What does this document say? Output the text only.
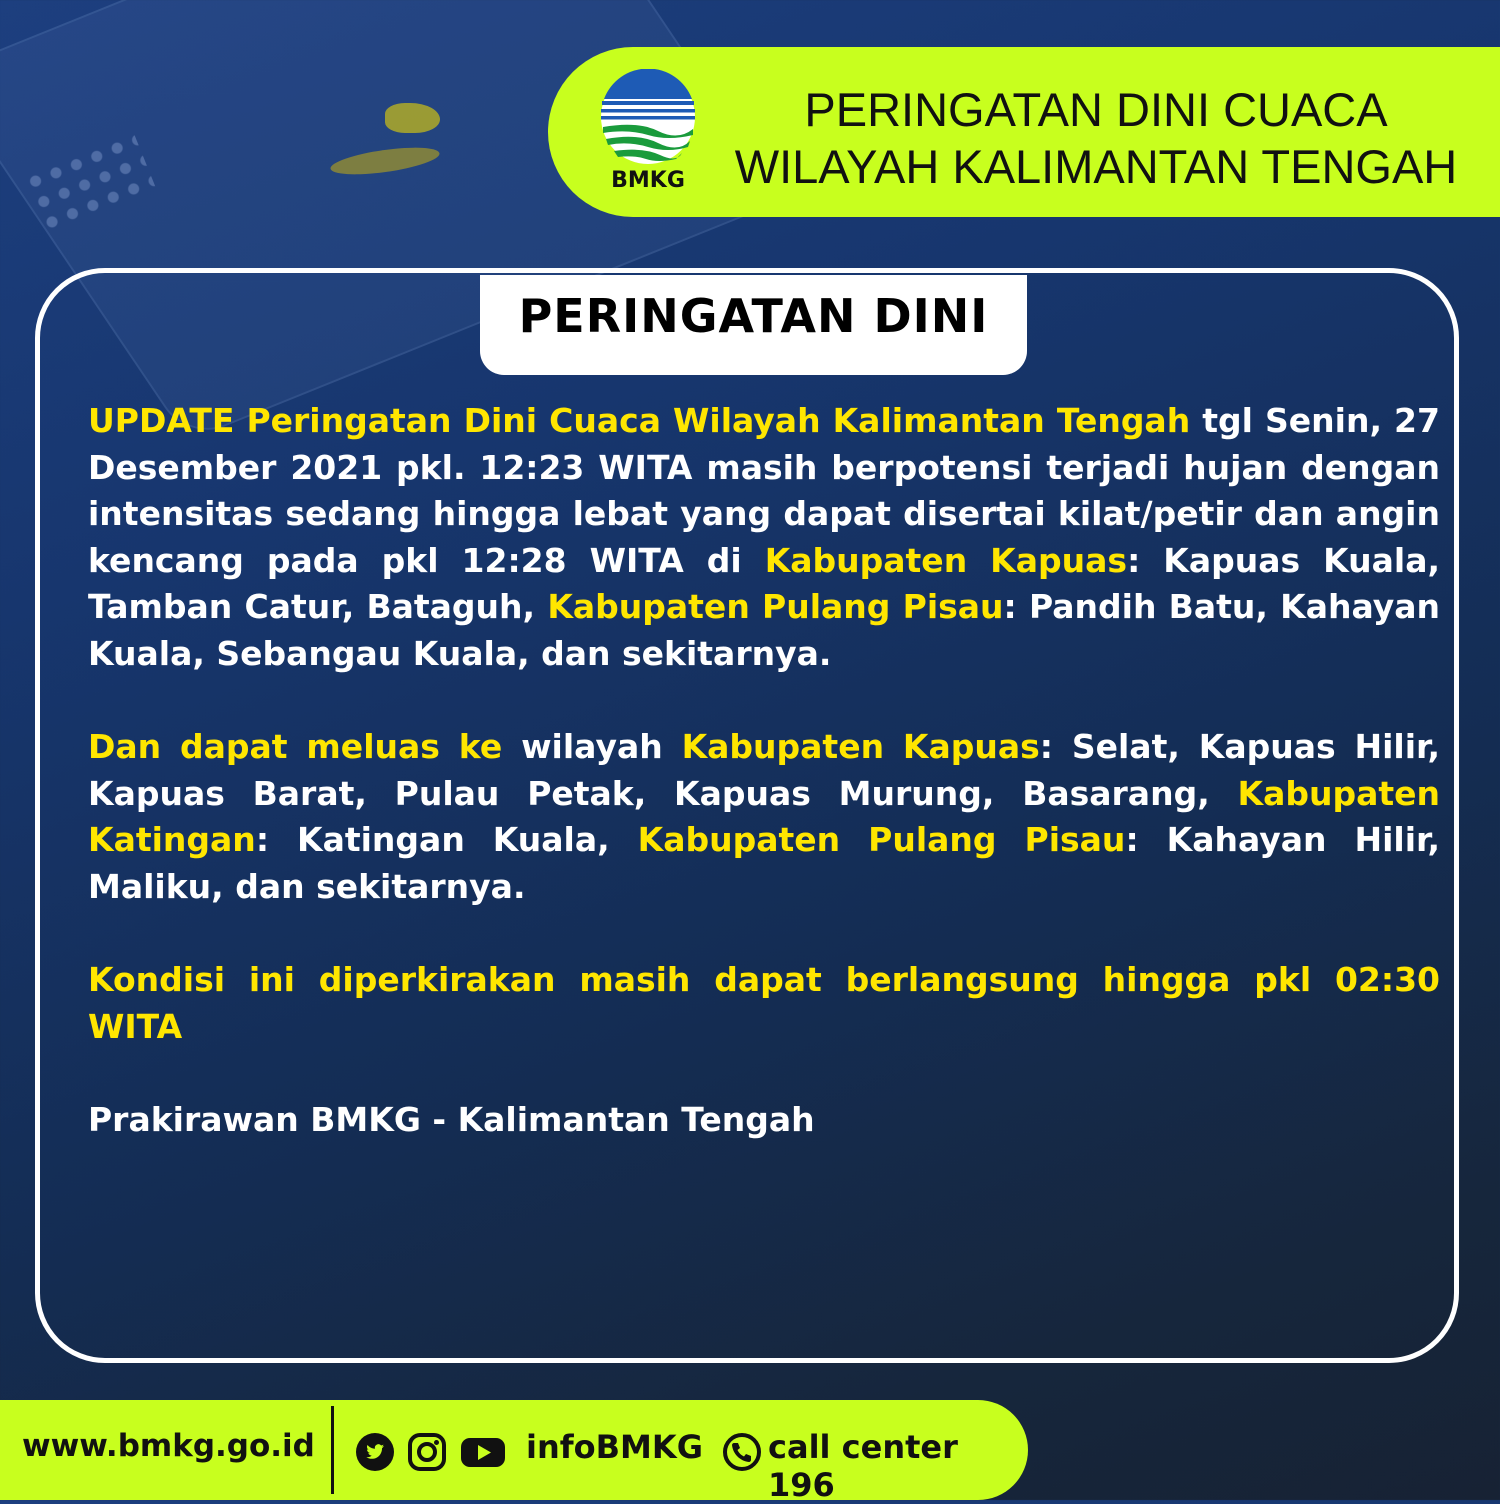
BMKG
PERINGATAN DINI CUACA
WILAYAH KALIMANTAN TENGAH
PERINGATAN DINI

UPDATE Peringatan Dini Cuaca Wilayah Kalimantan Tengah tgl Senin, 27 Desember 2021 pkl. 12:23 WITA masih berpotensi terjadi hujan dengan intensitas sedang hingga lebat yang dapat disertai kilat/petir dan angin kencang pada pkl 12:28 WITA di Kabupaten Kapuas: Kapuas Kuala, Tamban Catur, Bataguh, Kabupaten Pulang Pisau: Pandih Batu, Kahayan Kuala, Sebangau Kuala, dan sekitarnya.

Dan dapat meluas ke wilayah Kabupaten Kapuas: Selat, Kapuas Hilir, Kapuas Barat, Pulau Petak, Kapuas Murung, Basarang, Kabupaten Katingan: Katingan Kuala, Kabupaten Pulang Pisau: Kahayan Hilir, Maliku, dan sekitarnya.

Kondisi ini diperkirakan masih dapat berlangsung hingga pkl 02:30 WITA

Prakirawan BMKG - Kalimantan Tengah

www.bmkg.go.id	infoBMKG call center 196
